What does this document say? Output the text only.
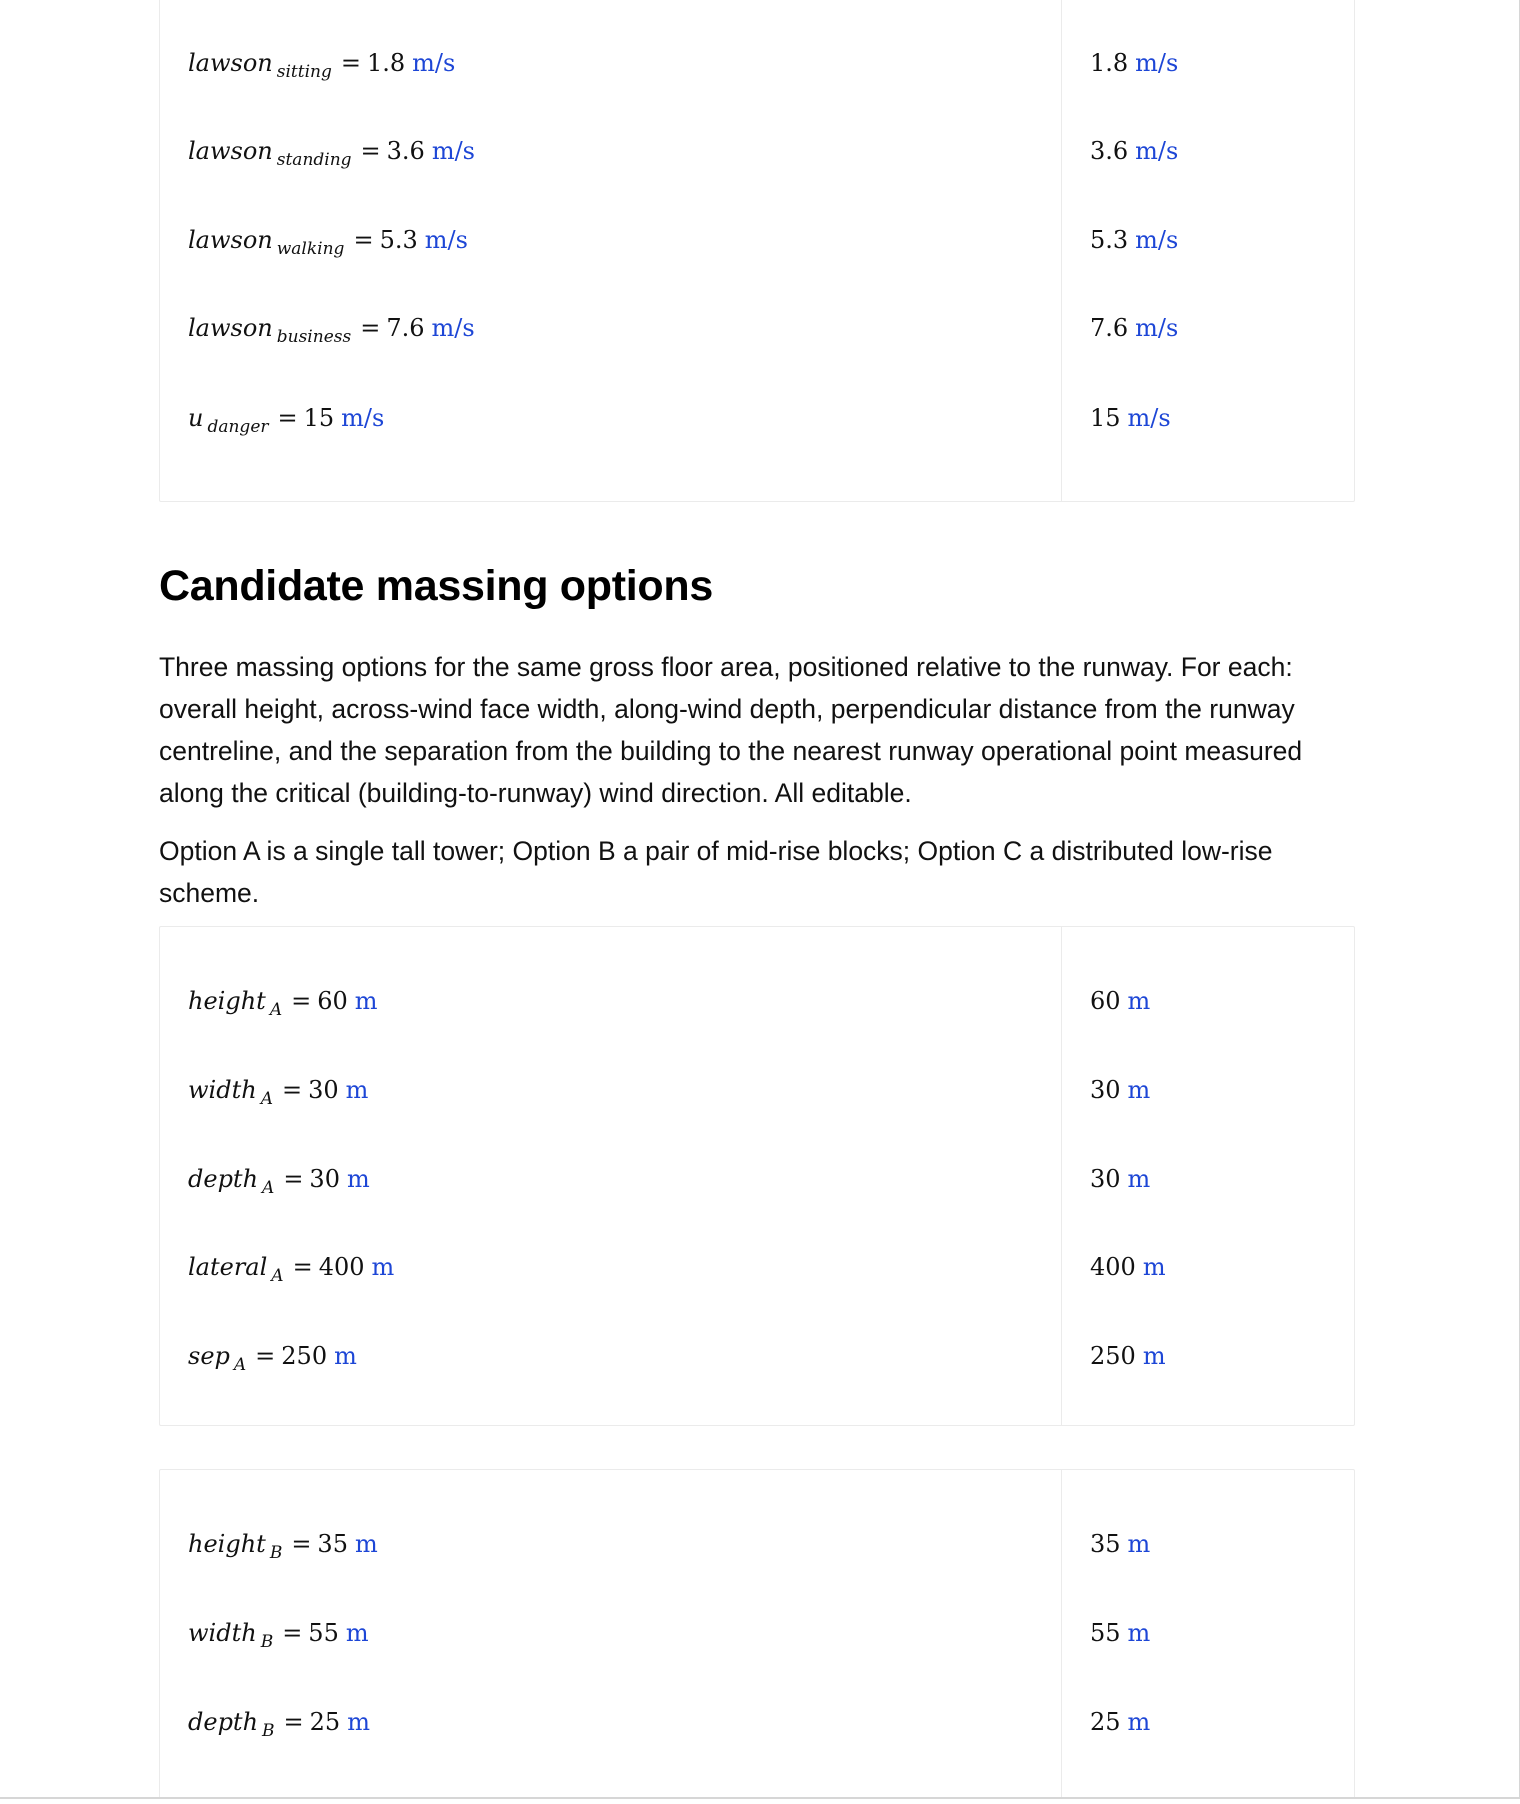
lawson $_{sitting}$ = 1.8 m/s	1.8 m/s
lawson $_{standing}$ = 3.6 m/s	3.6 m/s
lawson $_{walking}$ = 5.3 m/s	5.3 m/s
lawson $_{business}$ = 7.6 m/s	7.6 m/s
u $_{danger}$ = 15 m/s	15 m/s
Candidate massing options

Three massing options for the same gross floor area, positioned relative to the runway. For each: overall height, across-wind face width, along-wind depth, perpendicular distance from the runway centreline, and the separation from the building to the nearest runway operational point measured along the critical (building-to-runway) wind direction. All editable.

Option A is a single tall tower; Option B a pair of mid-rise blocks; Option C a distributed low-rise scheme.

height $_A$ = 60 m	60 m
width $_A$ = 30 m	30 m
depth $_A$ = 30 m	30 m
lateral $_A$ = 400 m	400 m
sep $_A$ = 250 m	250 m
height $_B$ = 35 m	35 m
width $_B$ = 55 m	55 m
depth $_B$ = 25 m	25 m
